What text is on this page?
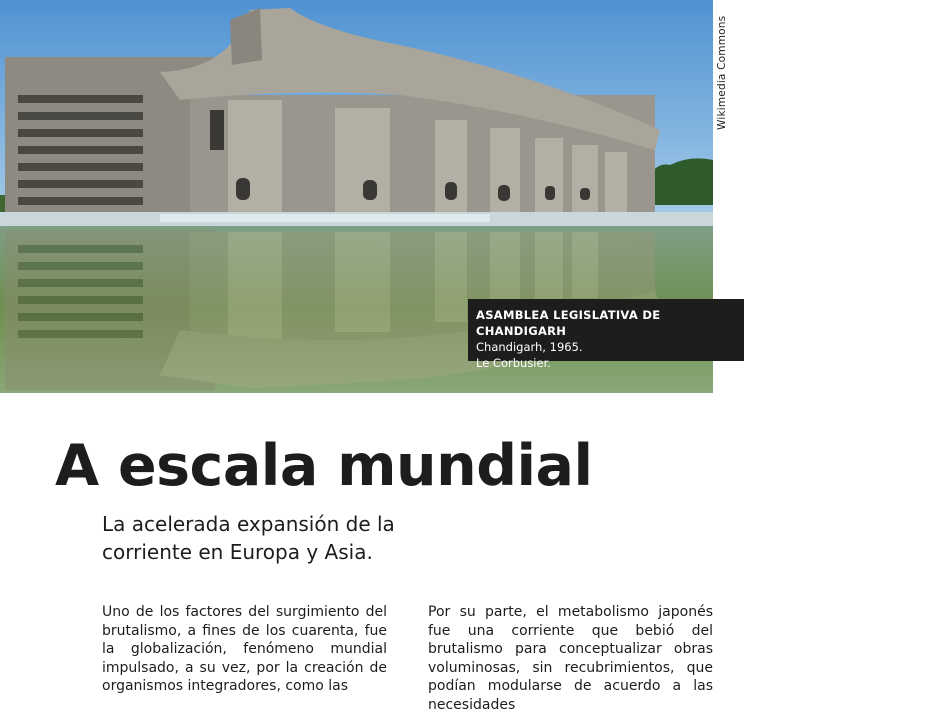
Wikimedia Commons
ASAMBLEA LEGISLATIVA DE CHANDIGARH
Chandigarh, 1965.
Le Corbusier.
A escala mundial
La acelerada expansión de la corriente en Europa y Asia.

Uno de los factores del surgimiento del brutalismo, a fines de los cuarenta, fue la globalización, fenómeno mundial impulsado, a su vez, por la creación de organismos integradores, como las

Por su parte, el metabolismo japonés fue una corriente que bebió del brutalismo para conceptualizar obras voluminosas, sin recubrimientos, que podían modularse de acuerdo a las necesidades
